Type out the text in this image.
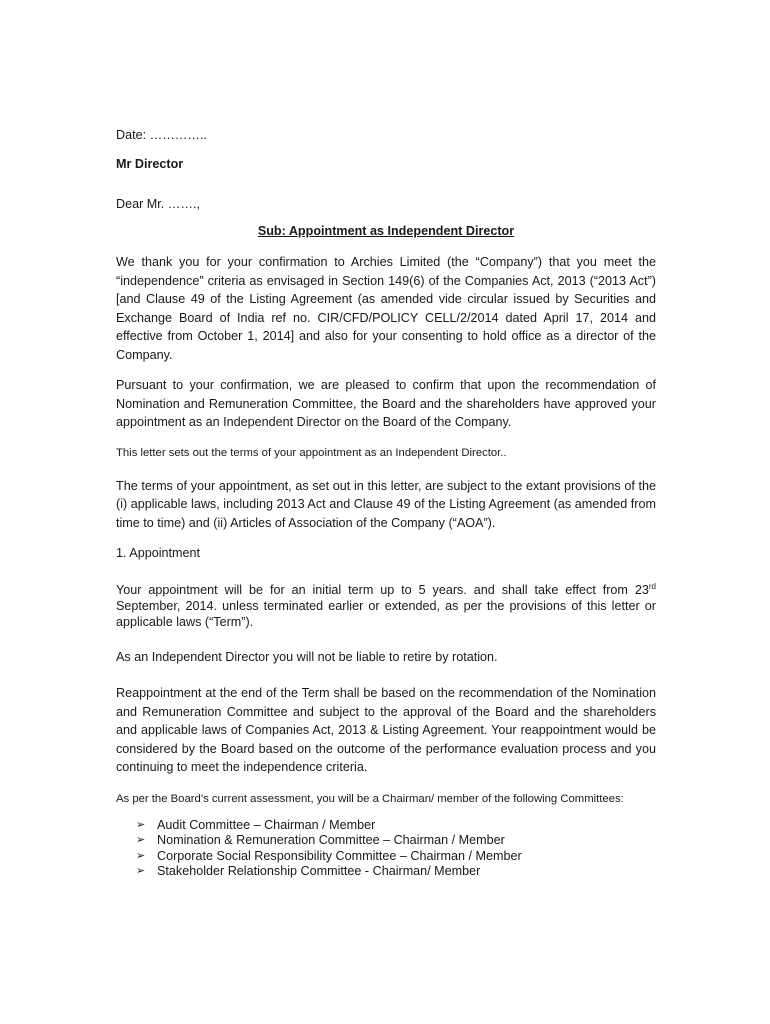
Date: …………..

Mr Director

Dear Mr. …….,

Sub: Appointment as Independent Director

We thank you for your confirmation to Archies Limited (the “Company”) that you meet the “independence” criteria as envisaged in Section 149(6) of the Companies Act, 2013 (“2013 Act”) [and Clause 49 of the Listing Agreement (as amended vide circular issued by Securities and Exchange Board of India ref no. CIR/CFD/POLICY CELL/2/2014 dated April 17, 2014 and effective from October 1, 2014] and also for your consenting to hold office as a director of the Company.

Pursuant to your confirmation, we are pleased to confirm that upon the recommendation of Nomination and Remuneration Committee, the Board and the shareholders have approved your appointment as an Independent Director on the Board of the Company.

This letter sets out the terms of your appointment as an Independent Director..

The terms of your appointment, as set out in this letter, are subject to the extant provisions of the (i) applicable laws, including 2013 Act and Clause 49 of the Listing Agreement (as amended from time to time) and (ii) Articles of Association of the Company (“AOA”).

1. Appointment

Your appointment will be for an initial term up to 5 years. and shall take effect from 23rd September, 2014. unless terminated earlier or extended, as per the provisions of this letter or applicable laws (“Term”).

As an Independent Director you will not be liable to retire by rotation.

Reappointment at the end of the Term shall be based on the recommendation of the Nomination and Remuneration Committee and subject to the approval of the Board and the shareholders and applicable laws of Companies Act, 2013 & Listing Agreement. Your reappointment would be considered by the Board based on the outcome of the performance evaluation process and you continuing to meet the independence criteria.

As per the Board’s current assessment, you will be a Chairman/ member of the following Committees:

➢ Audit Committee – Chairman / Member
➢ Nomination & Remuneration Committee – Chairman / Member
➢ Corporate Social Responsibility Committee – Chairman / Member
➢ Stakeholder Relationship Committee - Chairman/ Member
